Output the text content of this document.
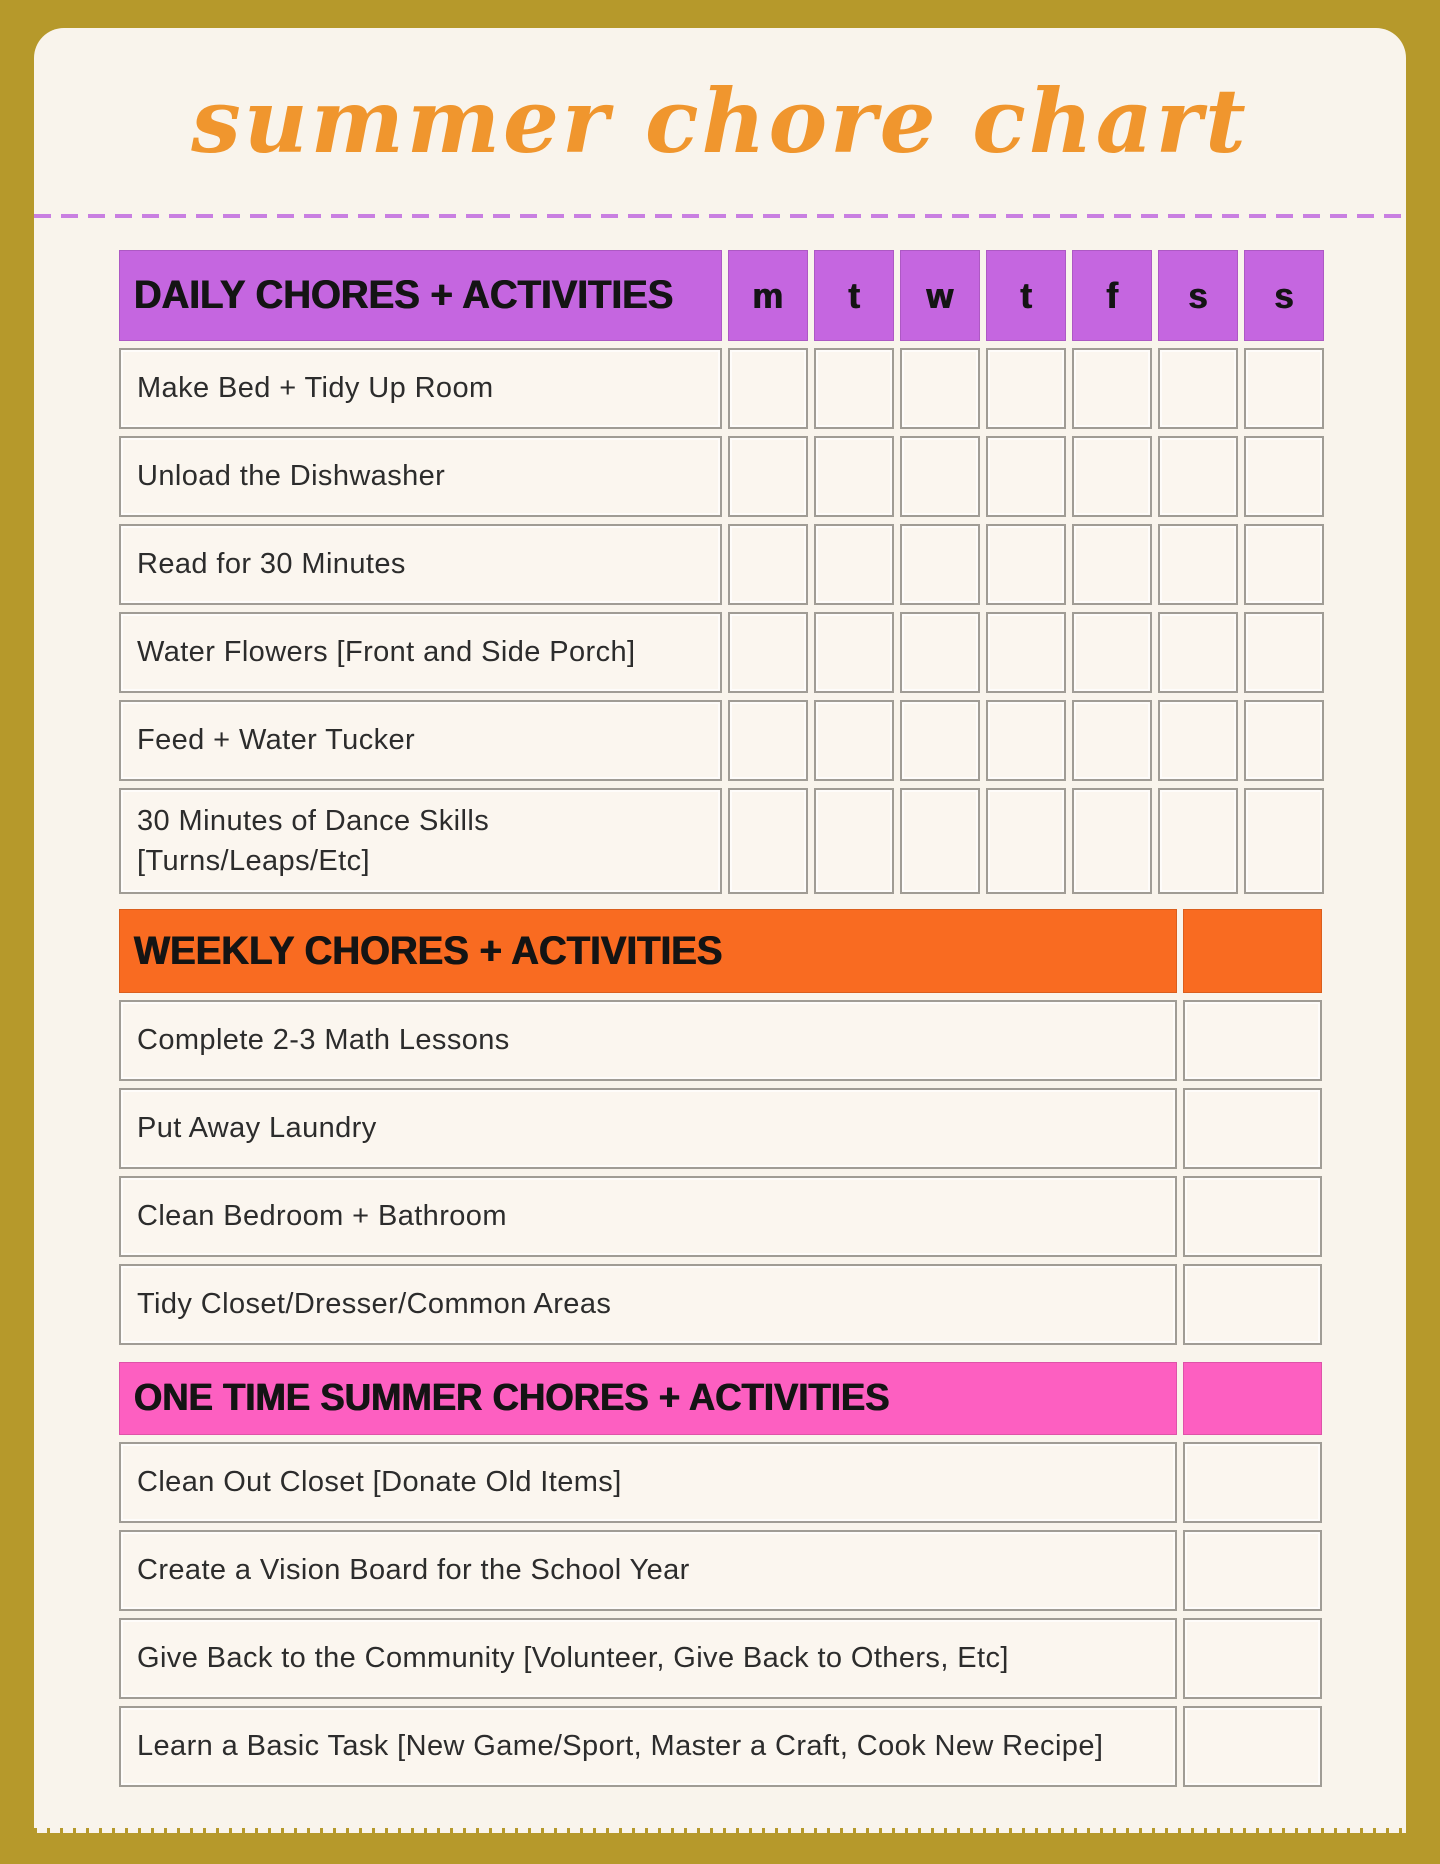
summer chore chart
DAILY CHORES + ACTIVITIES m t w t f s s
Make Bed + Tidy Up Room
Unload the Dishwasher
Read for 30 Minutes
Water Flowers [Front and Side Porch]
Feed + Water Tucker
30 Minutes of Dance Skills
[Turns/Leaps/Etc]
WEEKLY CHORES + ACTIVITIES
Complete 2-3 Math Lessons
Put Away Laundry
Clean Bedroom + Bathroom
Tidy Closet/Dresser/Common Areas
ONE TIME SUMMER CHORES + ACTIVITIES
Clean Out Closet [Donate Old Items]
Create a Vision Board for the School Year
Give Back to the Community [Volunteer, Give Back to Others, Etc]
Learn a Basic Task [New Game/Sport, Master a Craft, Cook New Recipe]
